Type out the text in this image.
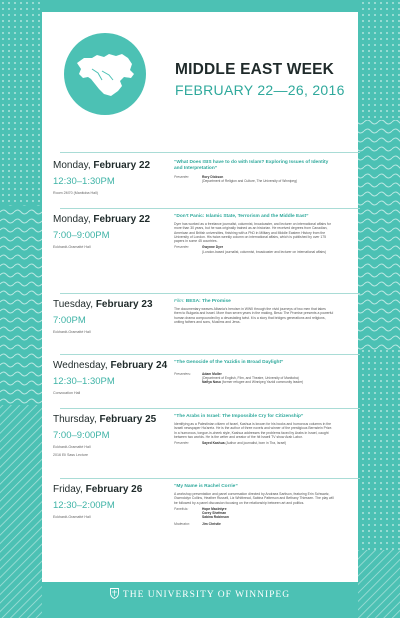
MIDDLE EAST WEEK
FEBRUARY 22—26, 2016
Monday, February 22
12:30–1:30PM
Room 2M70 (Manitoba Hall)
“What Does ISIS have to do with Islam? Exploring Issues of Identity and Interpretation”
Presenter:	Rory Dickson
(Department of Religion and Culture, The University of Winnipeg)
Monday, February 22
7:00–9:00PM
Eckhardt-Gramatté Hall
“Don’t Panic: Islamic State, Terrorism and the Middle East”
Dyer has worked as a freelance journalist, columnist, broadcaster, and lecturer on international affairs for more than 30 years, but he was originally trained as an historian. He received degrees from Canadian, American and British universities, finishing with a PhD in Military and Middle Eastern History from the University of London. His twice-weekly column on international affairs, which is published by over 175 papers in some 45 countries.
Presenter:	Gwynne Dyer
(London-based journalist, columnist, broadcaster and lecturer on international affairs)
Tuesday, February 23
7:00PM
Eckhardt-Gramatté Hall
Film: BESA: The Promise
The documentary weaves Albania’s heroism in WWII through the vivid journeys of two men that takes them to Bulgaria and Israel. More than seven years in the making, Besa: The Promise presents a powerful human drama compounded by a devastating twist. It is a story that bridges generations and religions, uniting fathers and sons, Muslims and Jews.
Wednesday, February 24
12:30–1:30PM
Convocation Hall
“The Genocide of the Yazidis in Broad Daylight”
Presenters:	Adam Muller
(Department of English, Film, and Theatre, University of Manitoba)
Nafiya Naso (former refugee and Winnipeg Yazidi community leader)
Thursday, February 25
7:00–9:00PM
Eckhardt-Gramatté Hall
2016 Eli Sass Lecture
“The Arabs in Israel: The Impossible Cry for Citizenship”
Identifying as a Palestinian citizen of Israel, Kashua is known for his books and humorous columns in the Israeli newspaper Ha’aretz. He is the author of three novels and winner of the prestigious Bernstein Prize. In a humorous, tongue-in-cheek style, Kashua addresses the problems faced by Arabs in Israel, caught between two worlds. He is the writer and creator of the hit Israeli TV show Arab Labor.
Presenter:	Sayed Kashua (Author and journalist, born in Tira, Israel)
Friday, February 26
12:30–2:00PM
Eckhardt-Gramatté Hall
“My Name is Rachel Corrie”
A workshop presentation and panel conversation directed by Andraea Sartison, featuring Erin Schwartz, Gwendolyn Collins, Heather Russell, Liz Whitbread, Sabina Patterson and Bethany Thiessen. The play will be followed by a panel discussion focusing on the relationship between art and politics.
Panelists:	Hope MacIntyre
Corey Shefman
Sabina Robinson
Moderator:	Jim Christie
THE UNIVERSITY OF WINNIPEG
